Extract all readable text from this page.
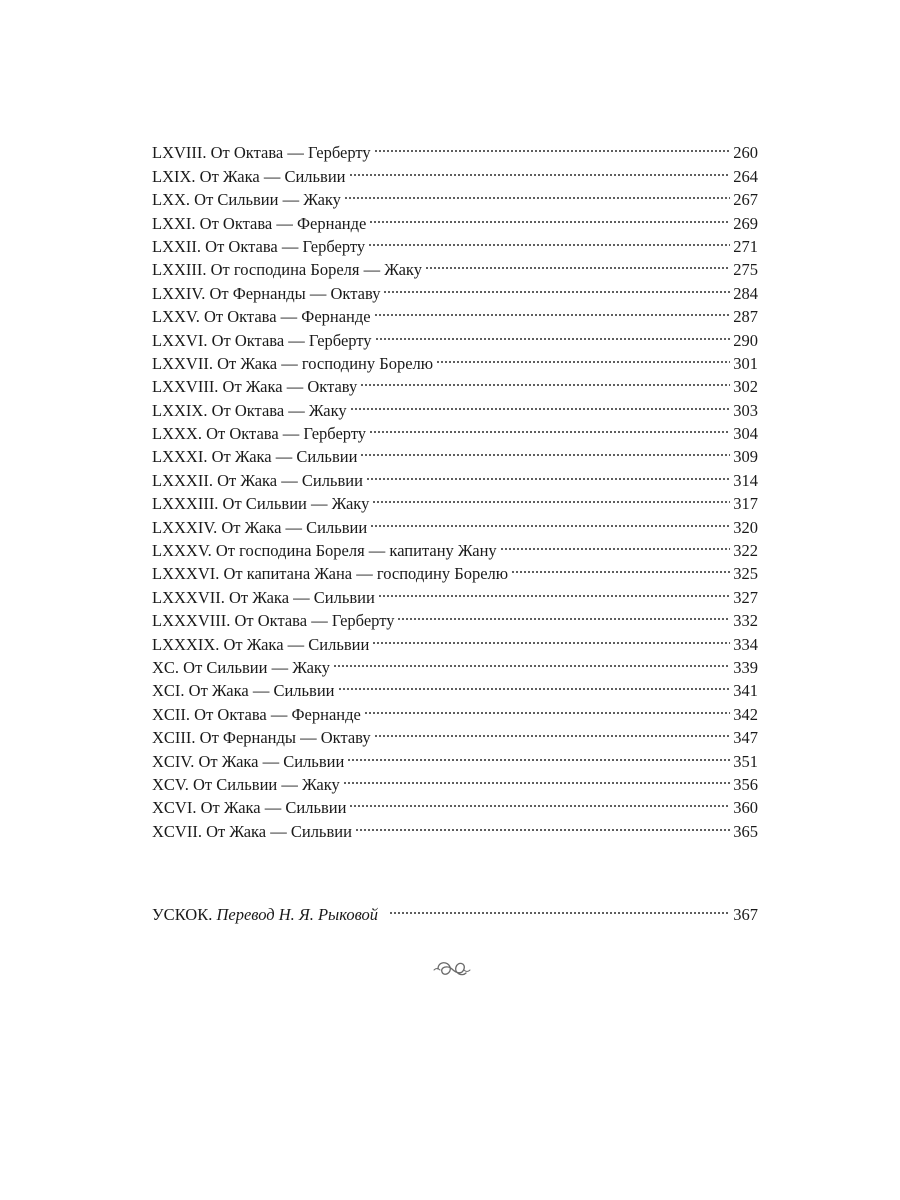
LXVIII. От Октава — Герберту	260
LXIX. От Жака — Сильвии	264
LXX. От Сильвии — Жаку	267
LXXI. От Октава — Фернанде	269
LXXII. От Октава — Герберту	271
LXXIII. От господина Бореля — Жаку	275
LXXIV. От Фернанды — Октаву	284
LXXV. От Октава — Фернанде	287
LXXVI. От Октава — Герберту	290
LXXVII. От Жака — господину Борелю	301
LXXVIII. От Жака — Октаву	302
LXXIX. От Октава — Жаку	303
LXXX. От Октава — Герберту	304
LXXXI. От Жака — Сильвии	309
LXXXII. От Жака — Сильвии	314
LXXXIII. От Сильвии — Жаку	317
LXXXIV. От Жака — Сильвии	320
LXXXV. От господина Бореля — капитану Жану	322
LXXXVI. От капитана Жана — господину Борелю	325
LXXXVII. От Жака — Сильвии	327
LXXXVIII. От Октава — Герберту	332
LXXXIX. От Жака — Сильвии	334
XC. От Сильвии — Жаку	339
XCI. От Жака — Сильвии	341
XCII. От Октава — Фернанде	342
XCIII. От Фернанды — Октаву	347
XCIV. От Жака — Сильвии	351
XCV. От Сильвии — Жаку	356
XCVI. От Жака — Сильвии	360
XCVII. От Жака — Сильвии	365
УСКОК. Перевод Н. Я. Рыковой	367
